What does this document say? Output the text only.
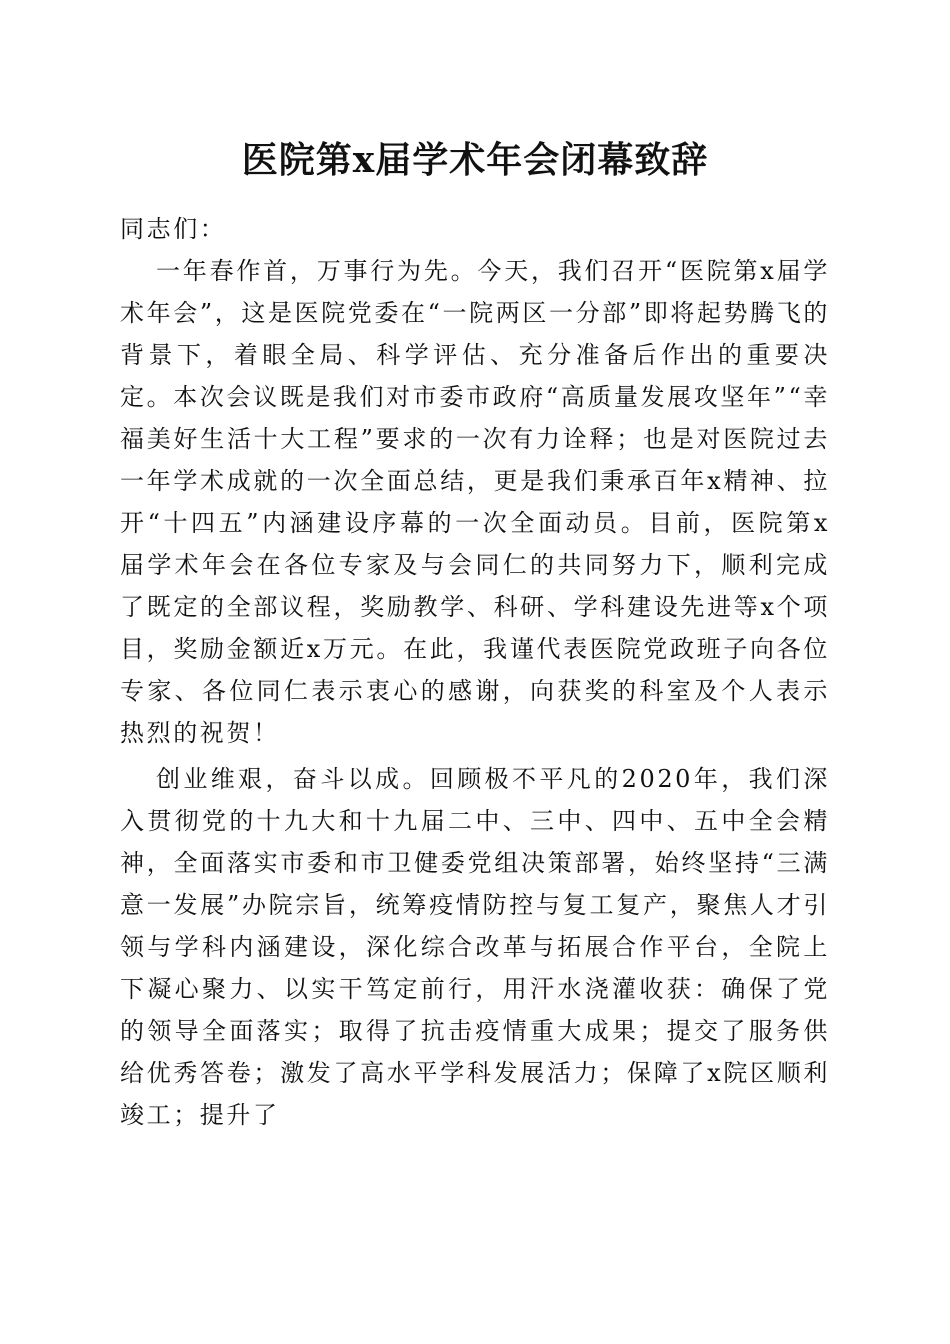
医院第x届学术年会闭幕致辞

同志们：

一年春作首，万事行为先。今天，我们召开“医院第x届学术年会”，这是医院党委在“一院两区一分部”即将起势腾飞的背景下，着眼全局、科学评估、充分准备后作出的重要决定。本次会议既是我们对市委市政府“高质量发展攻坚年”“幸福美好生活十大工程”要求的一次有力诠释；也是对医院过去一年学术成就的一次全面总结，更是我们秉承百年x精神、拉开“十四五”内涵建设序幕的一次全面动员。目前，医院第x届学术年会在各位专家及与会同仁的共同努力下，顺利完成了既定的全部议程，奖励教学、科研、学科建设先进等x个项目，奖励金额近x万元。在此，我谨代表医院党政班子向各位专家、各位同仁表示衷心的感谢，向获奖的科室及个人表示热烈的祝贺！

创业维艰，奋斗以成。回顾极不平凡的2020年，我们深入贯彻党的十九大和十九届二中、三中、四中、五中全会精神，全面落实市委和市卫健委党组决策部署，始终坚持“三满意一发展”办院宗旨，统筹疫情防控与复工复产，聚焦人才引领与学科内涵建设，深化综合改革与拓展合作平台，全院上下凝心聚力、以实干笃定前行，用汗水浇灌收获：确保了党的领导全面落实；取得了抗击疫情重大成果；提交了服务供给优秀答卷；激发了高水平学科发展活力；保障了x院区顺利竣工；提升了
